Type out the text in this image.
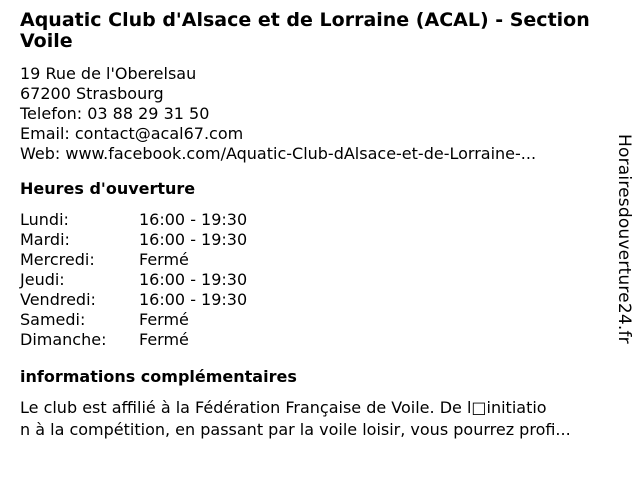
Aquatic Club d'Alsace et de Lorraine (ACAL) - Section Voile
19 Rue de l'Oberelsau
67200 Strasbourg
Telefon: 03 88 29 31 50
Email: contact@acal67.com
Web: www.facebook.com/Aquatic-Club-dAlsace-et-de-Lorraine-...
Heures d'ouverture
Lundi:	16:00 - 19:30
Mardi:	16:00 - 19:30
Mercredi:	Fermé
Jeudi:	16:00 - 19:30
Vendredi:	16:00 - 19:30
Samedi:	Fermé
Dimanche:	Fermé
informations complémentaires
Le club est affilié à la Fédération Française de Voile. De l□initiatio
n à la compétition, en passant par la voile loisir, vous pourrez profi...
Horairesdouverture24.fr
